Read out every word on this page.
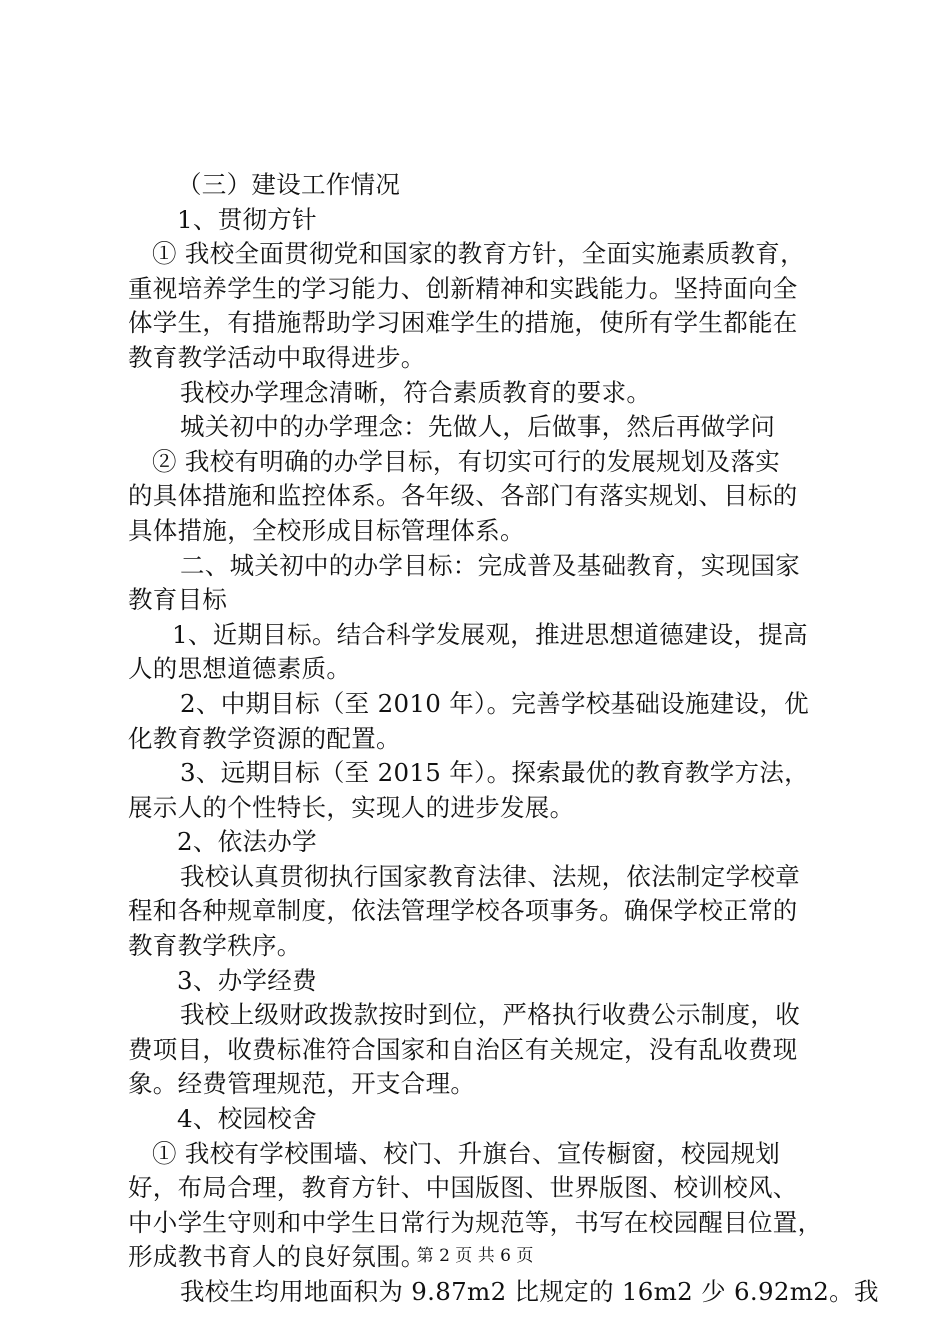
（三）建设工作情况
1、贯彻方针
① 我校全面贯彻党和国家的教育方针，全面实施素质教育，
重视培养学生的学习能力、创新精神和实践能力。坚持面向全
体学生，有措施帮助学习困难学生的措施，使所有学生都能在
教育教学活动中取得进步。
我校办学理念清晰，符合素质教育的要求。
城关初中的办学理念：先做人，后做事，然后再做学问
② 我校有明确的办学目标，有切实可行的发展规划及落实
的具体措施和监控体系。各年级、各部门有落实规划、目标的
具体措施，全校形成目标管理体系。
二、城关初中的办学目标：完成普及基础教育，实现国家
教育目标
1、近期目标。结合科学发展观，推进思想道德建设，提高
人的思想道德素质。
2、中期目标（至 2010 年）。完善学校基础设施建设，优
化教育教学资源的配置。
3、远期目标（至 2015 年）。探索最优的教育教学方法，
展示人的个性特长，实现人的进步发展。
2、依法办学
我校认真贯彻执行国家教育法律、法规，依法制定学校章
程和各种规章制度，依法管理学校各项事务。确保学校正常的
教育教学秩序。
3、办学经费
我校上级财政拨款按时到位，严格执行收费公示制度，收
费项目，收费标准符合国家和自治区有关规定，没有乱收费现
象。经费管理规范，开支合理。
4、校园校舍
① 我校有学校围墙、校门、升旗台、宣传橱窗，校园规划
好，布局合理，教育方针、中国版图、世界版图、校训校风、
中小学生守则和中学生日常行为规范等，书写在校园醒目位置，
形成教书育人的良好氛围。
我校生均用地面积为 9.87m2 比规定的 16m2 少 6.92m2。我
第 2 页 共 6 页
